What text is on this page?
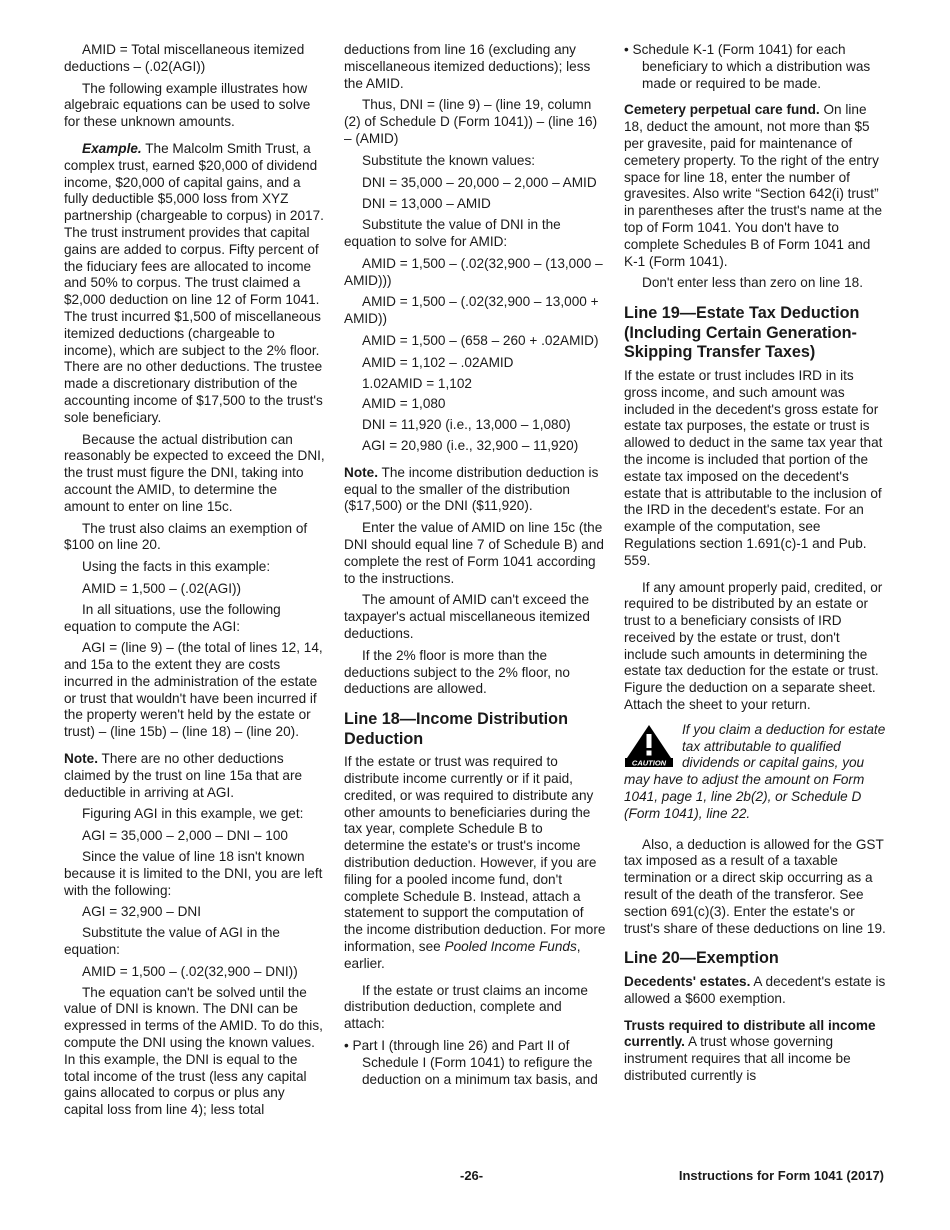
AMID = Total miscellaneous itemized deductions – (.02(AGI))

The following example illustrates how algebraic equations can be used to solve for these unknown amounts.

Example. The Malcolm Smith Trust, a complex trust, earned $20,000 of dividend income, $20,000 of capital gains, and a fully deductible $5,000 loss from XYZ partnership (chargeable to corpus) in 2017. The trust instrument provides that capital gains are added to corpus. Fifty percent of the fiduciary fees are allocated to income and 50% to corpus. The trust claimed a $2,000 deduction on line 12 of Form 1041. The trust incurred $1,500 of miscellaneous itemized deductions (chargeable to income), which are subject to the 2% floor. There are no other deductions. The trustee made a discretionary distribution of the accounting income of $17,500 to the trust's sole beneficiary.

Because the actual distribution can reasonably be expected to exceed the DNI, the trust must figure the DNI, taking into account the AMID, to determine the amount to enter on line 15c.

The trust also claims an exemption of $100 on line 20.

Using the facts in this example:

AMID = 1,500 – (.02(AGI))

In all situations, use the following equation to compute the AGI:

AGI = (line 9) – (the total of lines 12, 14, and 15a to the extent they are costs incurred in the administration of the estate or trust that wouldn't have been incurred if the property weren't held by the estate or trust) – (line 15b) – (line 18) – (line 20).

Note. There are no other deductions claimed by the trust on line 15a that are deductible in arriving at AGI.

Figuring AGI in this example, we get:

AGI = 35,000 – 2,000 – DNI – 100

Since the value of line 18 isn't known because it is limited to the DNI, you are left with the following:

AGI = 32,900 – DNI

Substitute the value of AGI in the equation:

AMID = 1,500 – (.02(32,900 – DNI))

The equation can't be solved until the value of DNI is known. The DNI can be expressed in terms of the AMID. To do this, compute the DNI using the known values. In this example, the DNI is equal to the total income of the trust (less any capital gains allocated to corpus or plus any capital loss from line 4); less total

deductions from line 16 (excluding any miscellaneous itemized deductions); less the AMID.

Thus, DNI = (line 9) – (line 19, column (2) of Schedule D (Form 1041)) – (line 16) – (AMID)

Substitute the known values:

DNI = 35,000 – 20,000 – 2,000 – AMID

DNI = 13,000 – AMID

Substitute the value of DNI in the equation to solve for AMID:

AMID = 1,500 – (.02(32,900 – (13,000 – AMID)))

AMID = 1,500 – (.02(32,900 – 13,000 + AMID))

AMID = 1,500 – (658 – 260 + .02AMID)

AMID = 1,102 – .02AMID

1.02AMID = 1,102

AMID = 1,080

DNI = 11,920 (i.e., 13,000 – 1,080)

AGI = 20,980 (i.e., 32,900 – 11,920)

Note. The income distribution deduction is equal to the smaller of the distribution ($17,500) or the DNI ($11,920).

Enter the value of AMID on line 15c (the DNI should equal line 7 of Schedule B) and complete the rest of Form 1041 according to the instructions.

The amount of AMID can't exceed the taxpayer's actual miscellaneous itemized deductions.

If the 2% floor is more than the deductions subject to the 2% floor, no deductions are allowed.

Line 18—Income Distribution Deduction

If the estate or trust was required to distribute income currently or if it paid, credited, or was required to distribute any other amounts to beneficiaries during the tax year, complete Schedule B to determine the estate's or trust's income distribution deduction. However, if you are filing for a pooled income fund, don't complete Schedule B. Instead, attach a statement to support the computation of the income distribution deduction. For more information, see Pooled Income Funds, earlier.

If the estate or trust claims an income distribution deduction, complete and attach:

• Part I (through line 26) and Part II of Schedule I (Form 1041) to refigure the deduction on a minimum tax basis, and

• Schedule K-1 (Form 1041) for each beneficiary to which a distribution was made or required to be made.

Cemetery perpetual care fund. On line 18, deduct the amount, not more than $5 per gravesite, paid for maintenance of cemetery property. To the right of the entry space for line 18, enter the number of gravesites. Also write “Section 642(i) trust” in parentheses after the trust's name at the top of Form 1041. You don't have to complete Schedules B of Form 1041 and K-1 (Form 1041).

Don't enter less than zero on line 18.

Line 19—Estate Tax Deduction (Including Certain Generation-Skipping Transfer Taxes)

If the estate or trust includes IRD in its gross income, and such amount was included in the decedent's gross estate for estate tax purposes, the estate or trust is allowed to deduct in the same tax year that the income is included that portion of the estate tax imposed on the decedent's estate that is attributable to the inclusion of the IRD in the decedent's estate. For an example of the computation, see Regulations section 1.691(c)-1 and Pub. 559.

If any amount properly paid, credited, or required to be distributed by an estate or trust to a beneficiary consists of IRD received by the estate or trust, don't include such amounts in determining the estate tax deduction for the estate or trust. Figure the deduction on a separate sheet. Attach the sheet to your return.

CAUTION
If you claim a deduction for estate tax attributable to qualified dividends or capital gains, you may have to adjust the amount on Form 1041, page 1, line 2b(2), or Schedule D (Form 1041), line 22.

Also, a deduction is allowed for the GST tax imposed as a result of a taxable termination or a direct skip occurring as a result of the death of the transferor. See section 691(c)(3). Enter the estate's or trust's share of these deductions on line 19.

Line 20—Exemption

Decedents' estates. A decedent's estate is allowed a $600 exemption.

Trusts required to distribute all income currently. A trust whose governing instrument requires that all income be distributed currently is

-26-	Instructions for Form 1041 (2017)
